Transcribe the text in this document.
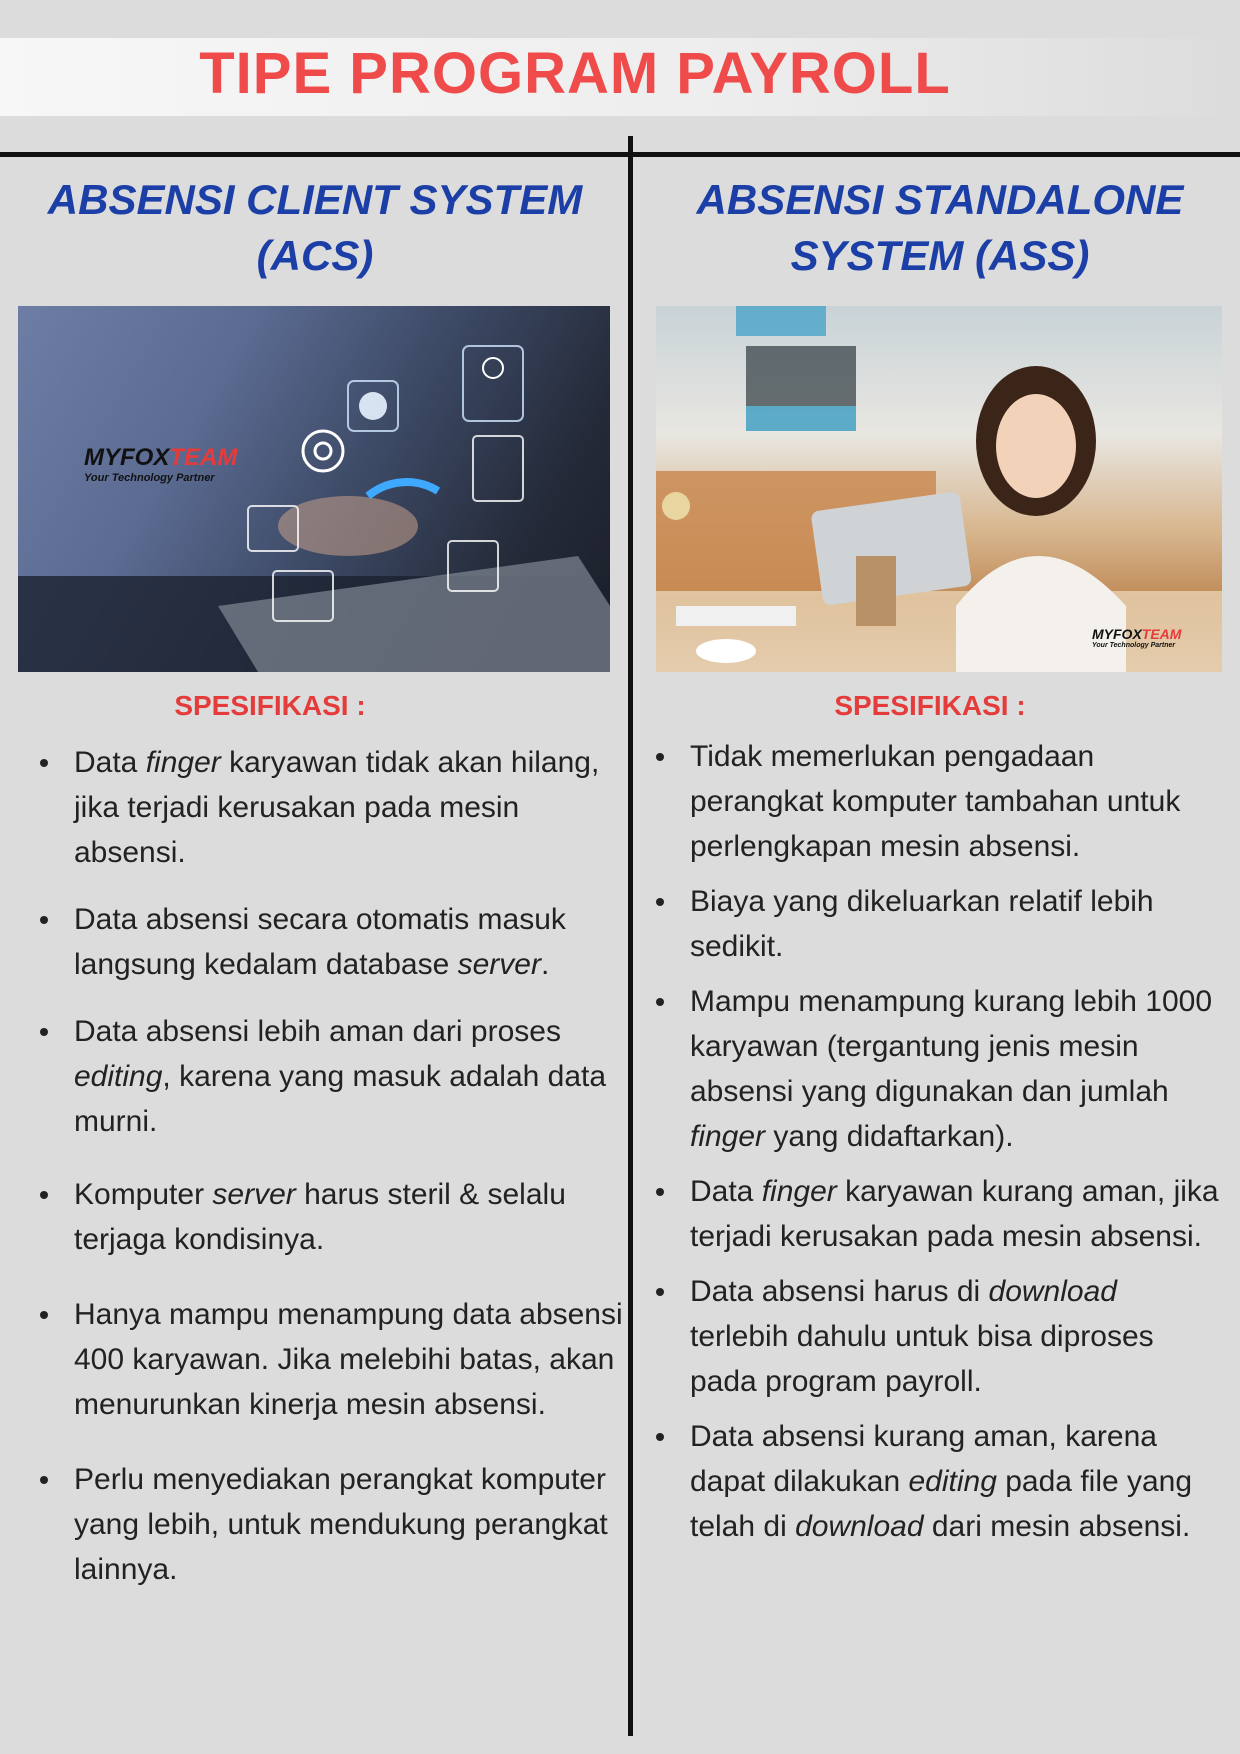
TIPE PROGRAM PAYROLL
ABSENSI CLIENT SYSTEM
(ACS)
MYFOXTEAM
Your Technology Partner
SPESIFIKASI :
Data finger karyawan tidak akan hilang, jika terjadi kerusakan pada mesin absensi.
Data absensi secara otomatis masuk langsung kedalam database server.
Data absensi lebih aman dari proses editing, karena yang masuk adalah data murni.
Komputer server harus steril & selalu terjaga kondisinya.
Hanya mampu menampung data absensi 400 karyawan. Jika melebihi batas, akan menurunkan kinerja mesin absensi.
Perlu menyediakan perangkat komputer yang lebih, untuk mendukung perangkat lainnya.
ABSENSI STANDALONE
SYSTEM (ASS)
MYFOXTEAM
Your Technology Partner
SPESIFIKASI :
Tidak memerlukan pengadaan perangkat komputer tambahan untuk perlengkapan mesin absensi.
Biaya yang dikeluarkan relatif lebih sedikit.
Mampu menampung kurang lebih 1000 karyawan (tergantung jenis mesin absensi yang digunakan dan jumlah finger yang didaftarkan).
Data finger karyawan kurang aman, jika terjadi kerusakan pada mesin absensi.
Data absensi harus di download terlebih dahulu untuk bisa diproses pada program payroll.
Data absensi kurang aman, karena dapat dilakukan editing pada file yang telah di download dari mesin absensi.
